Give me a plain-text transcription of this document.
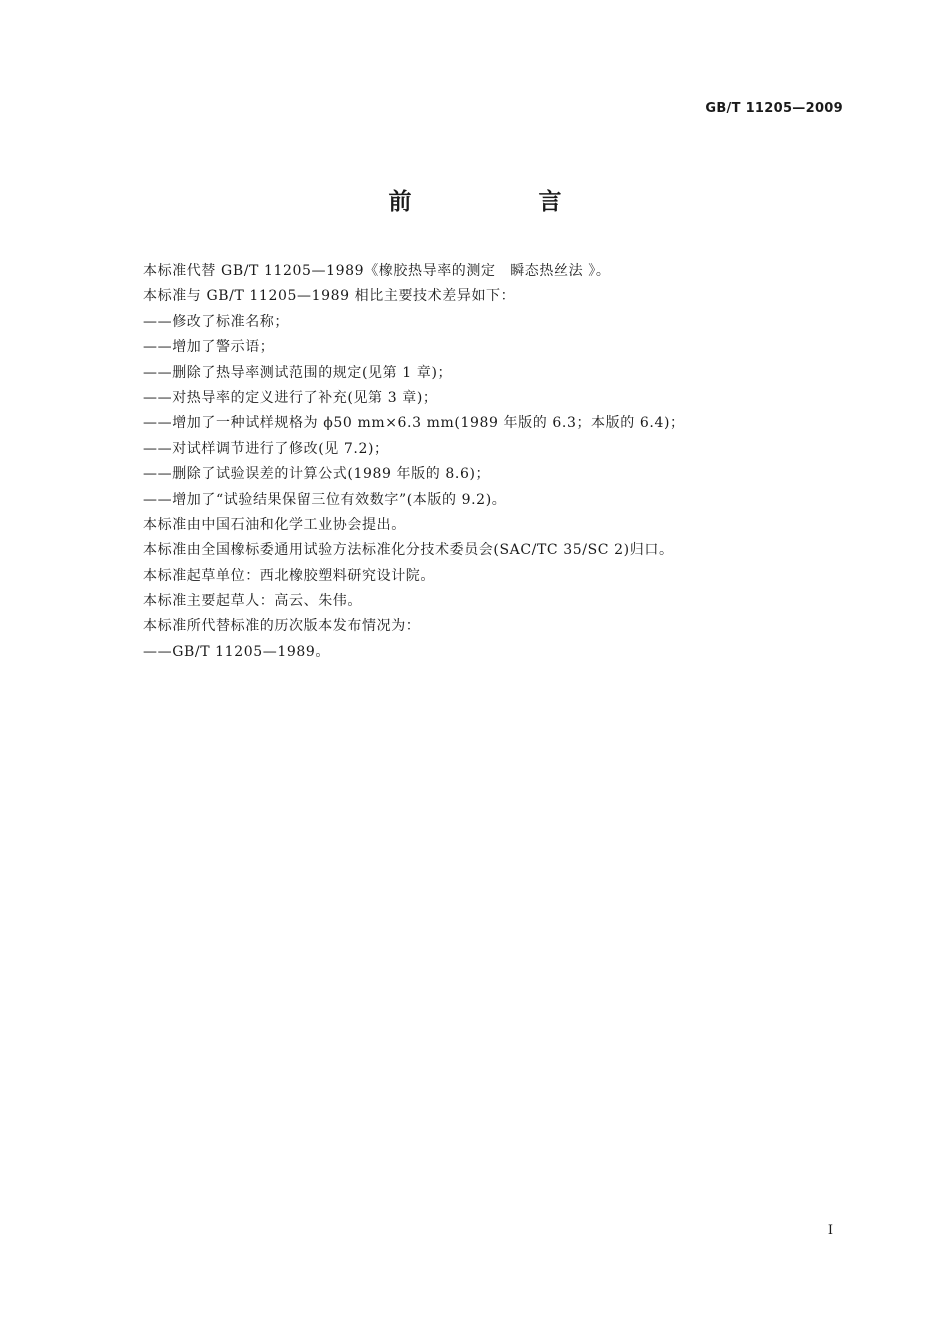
GB/T 11205—2009
前　言
本标准代替 GB/T 11205—1989《橡胶热导率的测定　瞬态热丝法 》。
本标准与 GB/T 11205—1989 相比主要技术差异如下：
——修改了标准名称；
——增加了警示语；
——删除了热导率测试范围的规定(见第 1 章)；
——对热导率的定义进行了补充(见第 3 章)；
——增加了一种试样规格为 ϕ50 mm×6.3 mm(1989 年版的 6.3；本版的 6.4)；
——对试样调节进行了修改(见 7.2)；
——删除了试验误差的计算公式(1989 年版的 8.6)；
——增加了“试验结果保留三位有效数字”(本版的 9.2)。
本标准由中国石油和化学工业协会提出。
本标准由全国橡标委通用试验方法标准化分技术委员会(SAC/TC 35/SC 2)归口。
本标准起草单位：西北橡胶塑料研究设计院。
本标准主要起草人：高云、朱伟。
本标准所代替标准的历次版本发布情况为：
——GB/T 11205—1989。
I
